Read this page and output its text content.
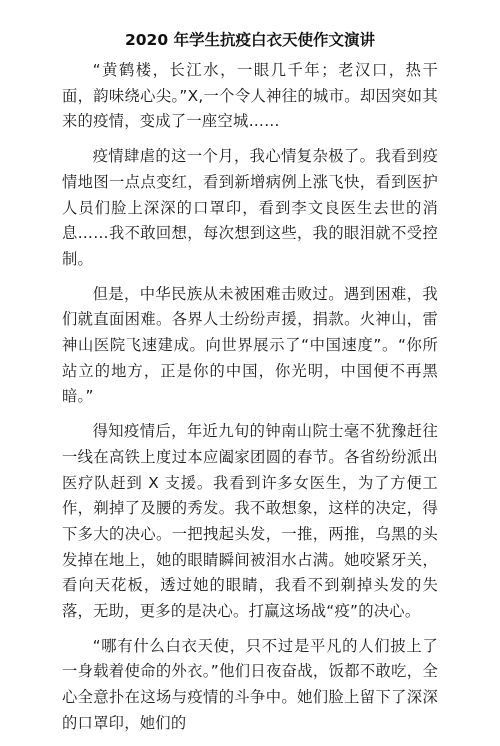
2020 年学生抗疫白衣天使作文演讲

“黄鹤楼，长江水，一眼几千年；老汉口，热干面，韵味绕心尖。”X,一个令人神往的城市。却因突如其来的疫情，变成了一座空城……

疫情肆虐的这一个月，我心情复杂极了。我看到疫情地图一点点变红，看到新增病例上涨飞快，看到医护人员们脸上深深的口罩印，看到李文良医生去世的消息……我不敢回想，每次想到这些，我的眼泪就不受控制。

但是，中华民族从未被困难击败过。遇到困难，我们就直面困难。各界人士纷纷声援，捐款。火神山，雷神山医院飞速建成。向世界展示了“中国速度”。“你所站立的地方，正是你的中国，你光明，中国便不再黑暗。”

得知疫情后，年近九旬的钟南山院士毫不犹豫赶往一线在高铁上度过本应阖家团圆的春节。各省纷纷派出医疗队赶到 X 支援。我看到许多女医生，为了方便工作，剃掉了及腰的秀发。我不敢想象，这样的决定，得下多大的决心。一把拽起头发，一推，两推，乌黑的头发掉在地上，她的眼睛瞬间被泪水占满。她咬紧牙关，看向天花板，透过她的眼睛，我看不到剃掉头发的失落，无助，更多的是决心。打赢这场战“疫”的决心。

“哪有什么白衣天使，只不过是平凡的人们披上了一身载着使命的外衣。”他们日夜奋战，饭都不敢吃，全心全意扑在这场与疫情的斗争中。她们脸上留下了深深的口罩印，她们的
